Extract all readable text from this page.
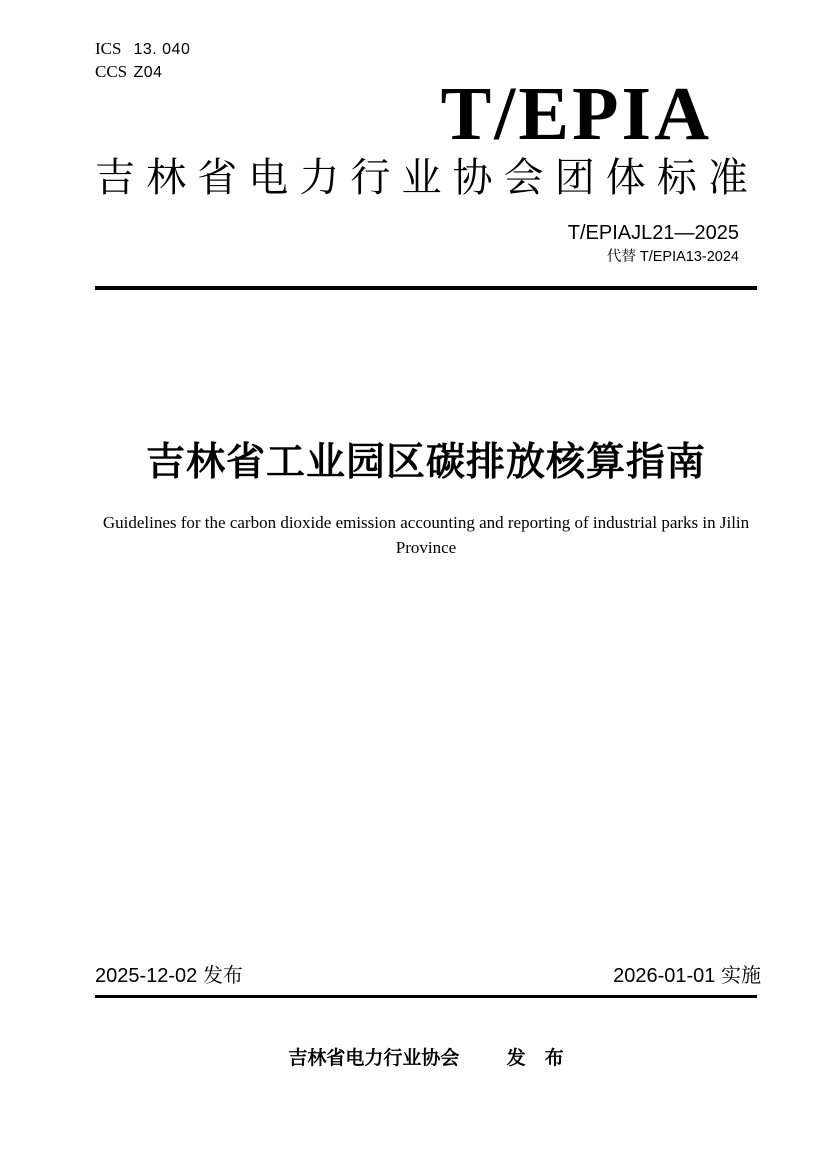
ICS 13. 040
CCS Z04	T/EPIA
吉 林 省 电 力 行 业 协 会 团 体 标 准
T/EPIAJL21—2025
代替 T/EPIA13-2024
吉林省工业园区碳排放核算指南
Guidelines for the carbon dioxide emission accounting and reporting of industrial parks in Jilin Province
2025-12-02 发布	2026-01-01 实施
吉林省电力行业协会 发　布
